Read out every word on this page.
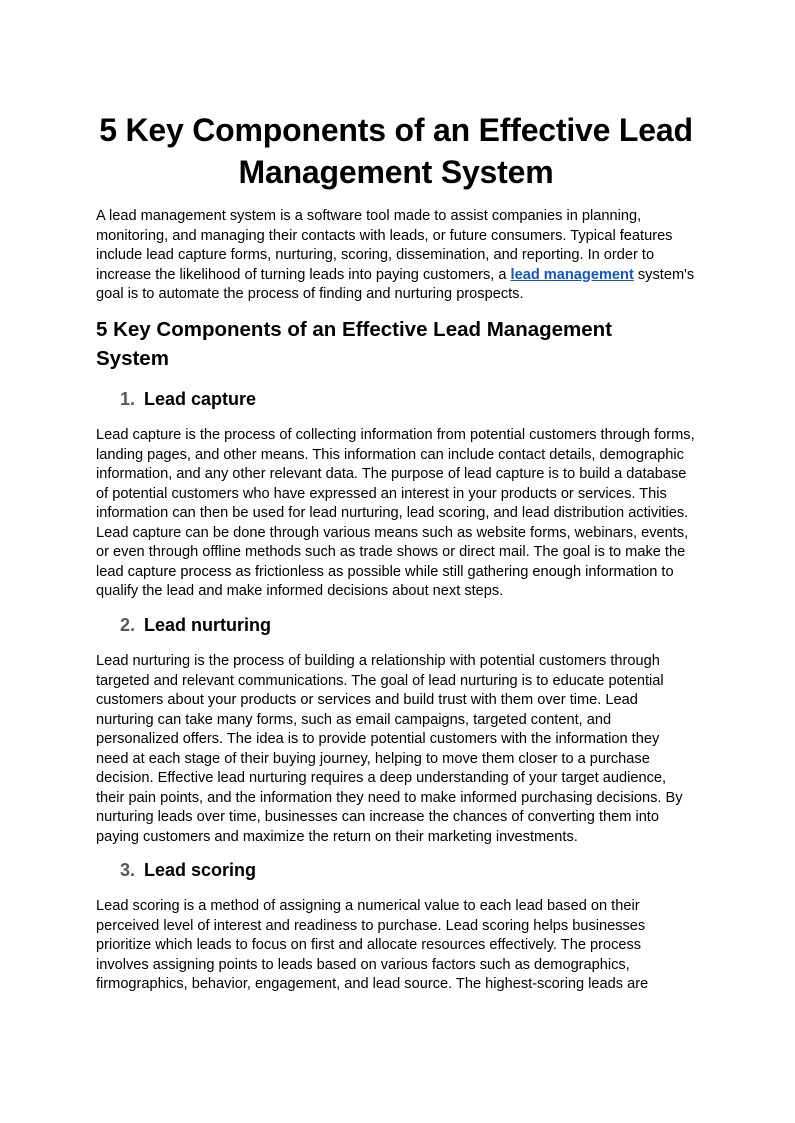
5 Key Components of an Effective Lead
Management System

A lead management system is a software tool made to assist companies in planning,
monitoring, and managing their contacts with leads, or future consumers. Typical features
include lead capture forms, nurturing, scoring, dissemination, and reporting. In order to
increase the likelihood of turning leads into paying customers, a lead management system's
goal is to automate the process of finding and nurturing prospects.

5 Key Components of an Effective Lead Management
System
1. Lead capture

Lead capture is the process of collecting information from potential customers through forms,
landing pages, and other means. This information can include contact details, demographic
information, and any other relevant data. The purpose of lead capture is to build a database
of potential customers who have expressed an interest in your products or services. This
information can then be used for lead nurturing, lead scoring, and lead distribution activities.
Lead capture can be done through various means such as website forms, webinars, events,
or even through offline methods such as trade shows or direct mail. The goal is to make the
lead capture process as frictionless as possible while still gathering enough information to
qualify the lead and make informed decisions about next steps.

2. Lead nurturing

Lead nurturing is the process of building a relationship with potential customers through
targeted and relevant communications. The goal of lead nurturing is to educate potential
customers about your products or services and build trust with them over time. Lead
nurturing can take many forms, such as email campaigns, targeted content, and
personalized offers. The idea is to provide potential customers with the information they
need at each stage of their buying journey, helping to move them closer to a purchase
decision. Effective lead nurturing requires a deep understanding of your target audience,
their pain points, and the information they need to make informed purchasing decisions. By
nurturing leads over time, businesses can increase the chances of converting them into
paying customers and maximize the return on their marketing investments.

3. Lead scoring

Lead scoring is a method of assigning a numerical value to each lead based on their
perceived level of interest and readiness to purchase. Lead scoring helps businesses
prioritize which leads to focus on first and allocate resources effectively. The process
involves assigning points to leads based on various factors such as demographics,
firmographics, behavior, engagement, and lead source. The highest-scoring leads are
